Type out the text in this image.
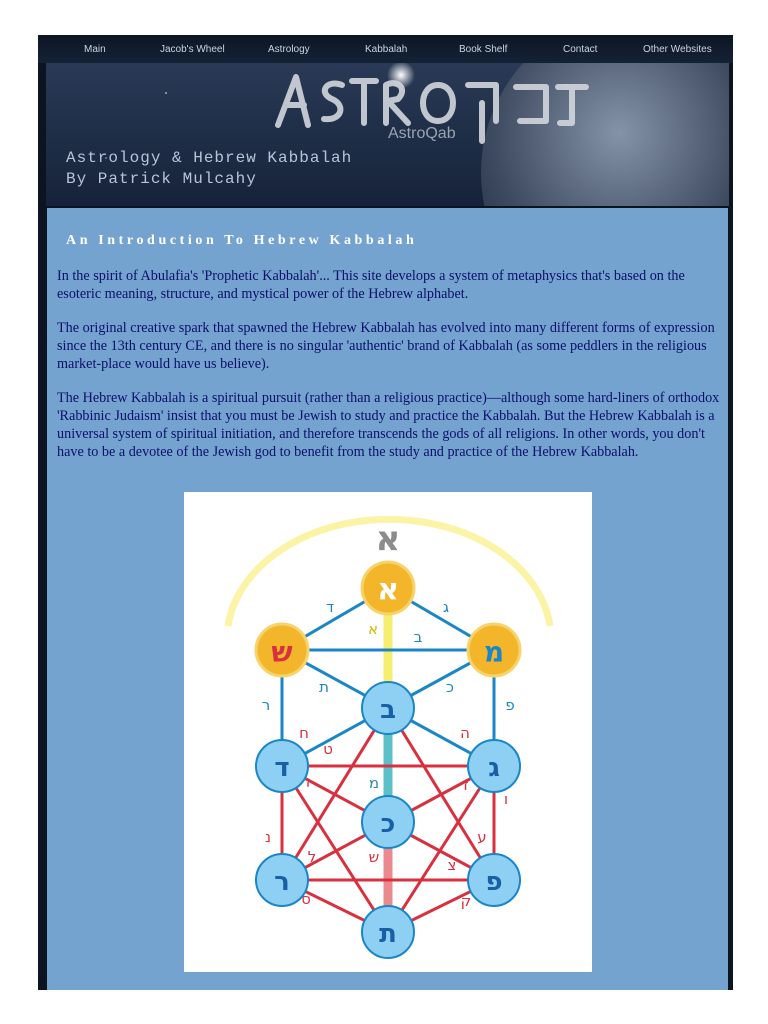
Main	Jacob's Wheel	Astrology	Kabbalah	Book Shelf	Contact	Other Websites
AstroQab
Astrology & Hebrew Kabbalah
By Patrick Mulcahy
An Introduction To Hebrew Kabbalah

In the spirit of Abulafia's 'Prophetic Kabbalah'... This site develops a system of metaphysics that's based on the esoteric meaning, structure, and mystical power of the Hebrew alphabet.

The original creative spark that spawned the Hebrew Kabbalah has evolved into many different forms of expression since the 13th century CE, and there is no singular 'authentic' brand of Kabbalah (as some peddlers in the religious market-place would have us believe).

The Hebrew Kabbalah is a spiritual pursuit (rather than a religious practice)—although some hard-liners of orthodox 'Rabbinic Judaism' insist that you must be Jewish to study and practice the Kabbalah. But the Hebrew Kabbalah is a universal system of spiritual initiation, and therefore transcends the gods of all religions. In other words, you don't have to be a devotee of the Jewish god to benefit from the study and practice of the Hebrew Kabbalah.

א
ד	ג
א ב
ת	כ
ר	פ
ח
ט
ה
מ
י	ז
ו
נ
ל	ש
ע
צ
ס	ק
א
ש	מ
ב
ד	ג
כ
ר	פ
ת
